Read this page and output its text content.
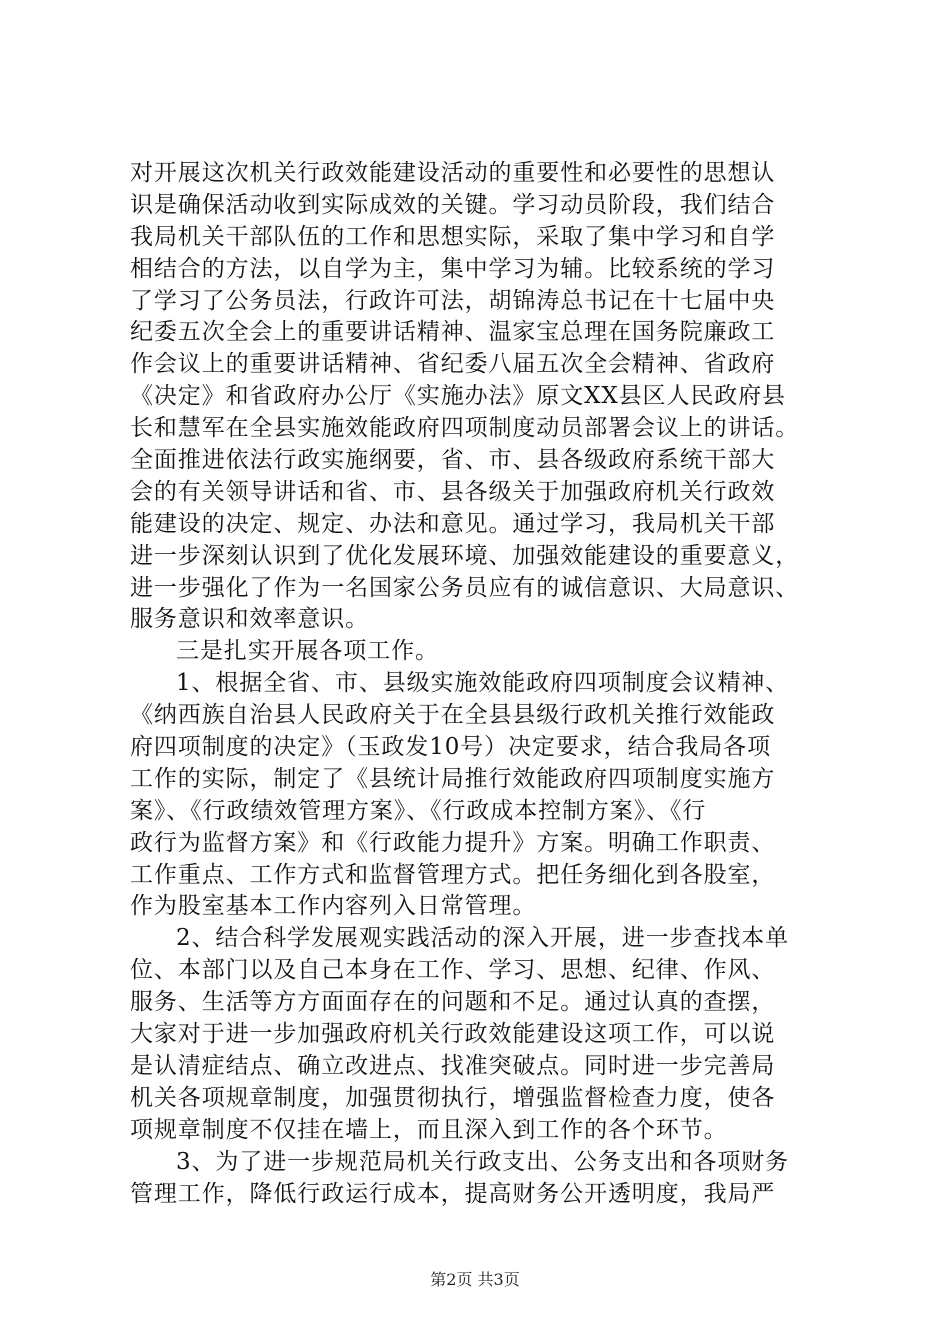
对开展这次机关行政效能建设活动的重要性和必要性的思想认
识是确保活动收到实际成效的关键。学习动员阶段，我们结合
我局机关干部队伍的工作和思想实际，采取了集中学习和自学
相结合的方法，以自学为主，集中学习为辅。比较系统的学习
了学习了公务员法，行政许可法，胡锦涛总书记在十七届中央
纪委五次全会上的重要讲话精神、温家宝总理在国务院廉政工
作会议上的重要讲话精神、省纪委八届五次全会精神、省政府
《决定》和省政府办公厅《实施办法》原文XX县区人民政府县
长和慧军在全县实施效能政府四项制度动员部署会议上的讲话。
全面推进依法行政实施纲要，省、市、县各级政府系统干部大
会的有关领导讲话和省、市、县各级关于加强政府机关行政效
能建设的决定、规定、办法和意见。通过学习，我局机关干部
进一步深刻认识到了优化发展环境、加强效能建设的重要意义，
进一步强化了作为一名国家公务员应有的诚信意识、大局意识、
服务意识和效率意识。
三是扎实开展各项工作。
1、根据全省、市、县级实施效能政府四项制度会议精神、
《纳西族自治县人民政府关于在全县县级行政机关推行效能政
府四项制度的决定》（玉政发10号）决定要求，结合我局各项
工作的实际，制定了《县统计局推行效能政府四项制度实施方
案》、《行政绩效管理方案》、《行政成本控制方案》、《行
政行为监督方案》和《行政能力提升》方案。明确工作职责、
工作重点、工作方式和监督管理方式。把任务细化到各股室，
作为股室基本工作内容列入日常管理。
2、结合科学发展观实践活动的深入开展，进一步查找本单
位、本部门以及自己本身在工作、学习、思想、纪律、作风、
服务、生活等方方面面存在的问题和不足。通过认真的查摆，
大家对于进一步加强政府机关行政效能建设这项工作，可以说
是认清症结点、确立改进点、找准突破点。同时进一步完善局
机关各项规章制度，加强贯彻执行，增强监督检查力度，使各
项规章制度不仅挂在墙上，而且深入到工作的各个环节。
3、为了进一步规范局机关行政支出、公务支出和各项财务
管理工作，降低行政运行成本，提高财务公开透明度，我局严
第2页 共3页
